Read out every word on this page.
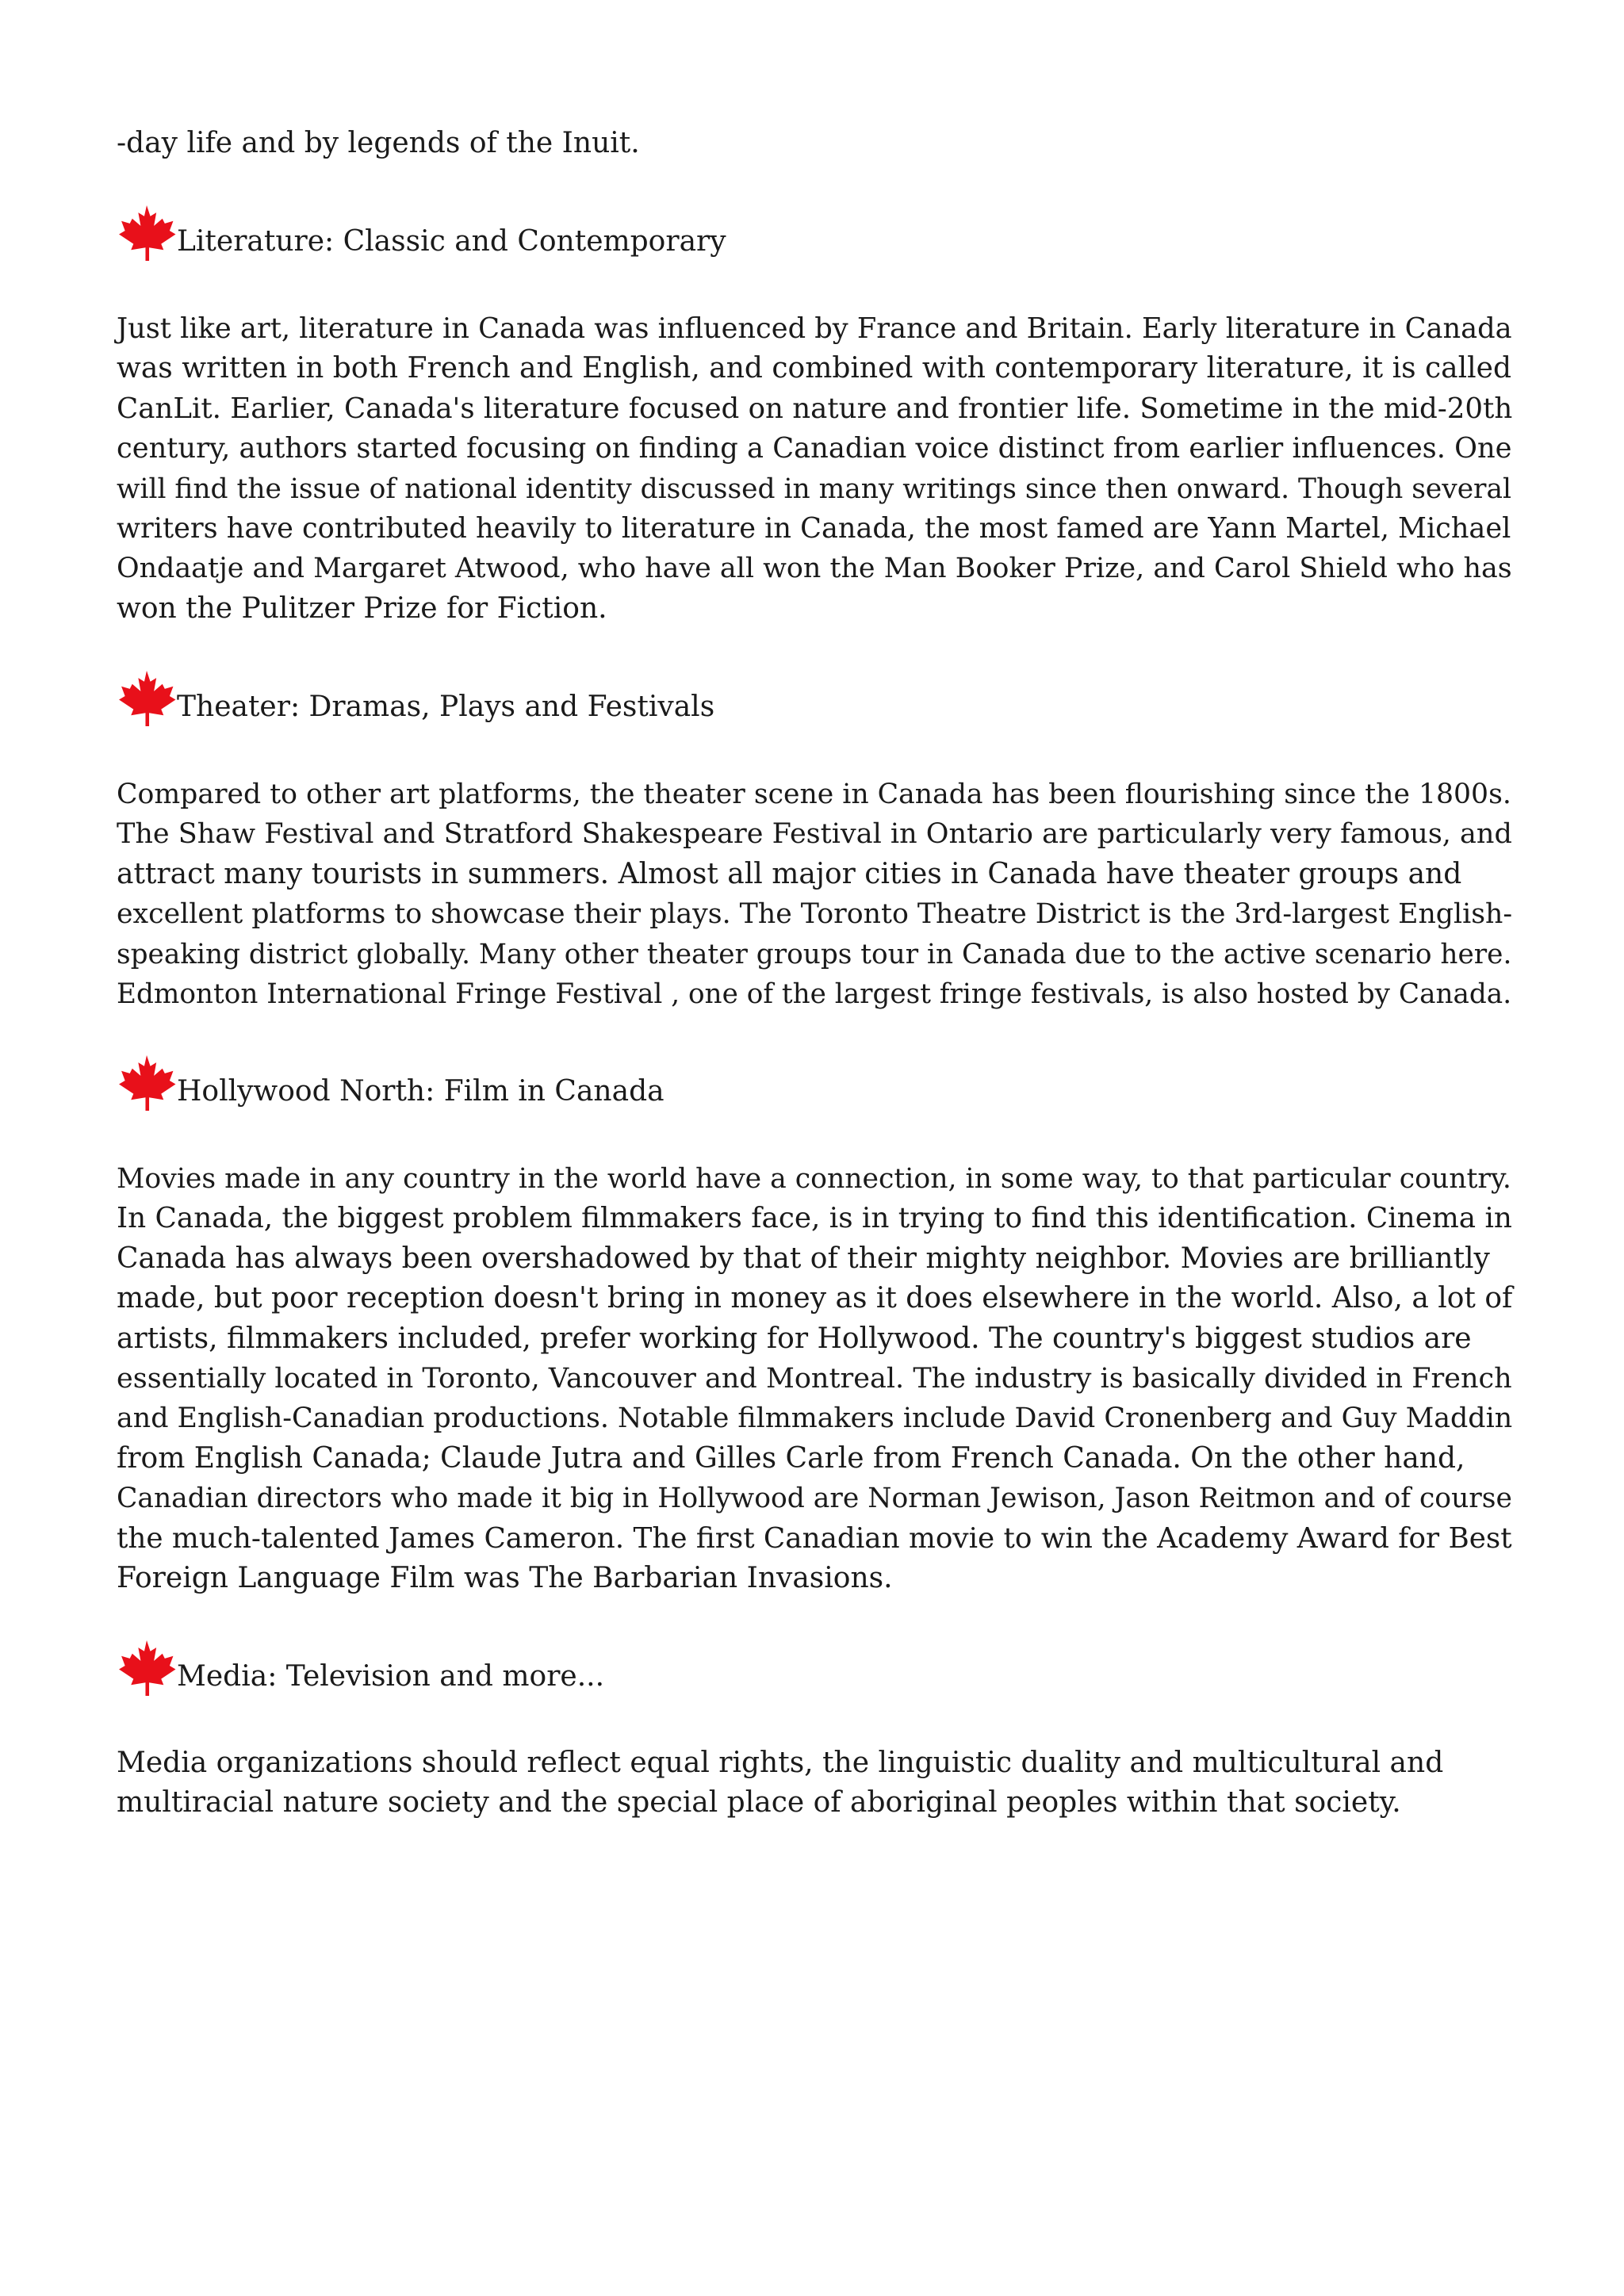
-day life and by legends of the Inuit.

Literature: Classic and Contemporary

Just like art, literature in Canada was influenced by France and Britain. Early literature in Canada
was written in both French and English, and combined with contemporary literature, it is called
CanLit. Earlier, Canada's literature focused on nature and frontier life. Sometime in the mid-20th
century, authors started focusing on finding a Canadian voice distinct from earlier influences. One
will find the issue of national identity discussed in many writings since then onward. Though several
writers have contributed heavily to literature in Canada, the most famed are Yann Martel, Michael
Ondaatje and Margaret Atwood, who have all won the Man Booker Prize, and Carol Shield who has
won the Pulitzer Prize for Fiction.

Theater: Dramas, Plays and Festivals

Compared to other art platforms, the theater scene in Canada has been flourishing since the 1800s.
The Shaw Festival and Stratford Shakespeare Festival in Ontario are particularly very famous, and
attract many tourists in summers. Almost all major cities in Canada have theater groups and
excellent platforms to showcase their plays. The Toronto Theatre District is the 3rd-largest English-
speaking district globally. Many other theater groups tour in Canada due to the active scenario here.
Edmonton International Fringe Festival , one of the largest fringe festivals, is also hosted by Canada.

Hollywood North: Film in Canada

Movies made in any country in the world have a connection, in some way, to that particular country.
In Canada, the biggest problem filmmakers face, is in trying to find this identification. Cinema in
Canada has always been overshadowed by that of their mighty neighbor. Movies are brilliantly
made, but poor reception doesn't bring in money as it does elsewhere in the world. Also, a lot of
artists, filmmakers included, prefer working for Hollywood. The country's biggest studios are
essentially located in Toronto, Vancouver and Montreal. The industry is basically divided in French
and English-Canadian productions. Notable filmmakers include David Cronenberg and Guy Maddin
from English Canada; Claude Jutra and Gilles Carle from French Canada. On the other hand,
Canadian directors who made it big in Hollywood are Norman Jewison, Jason Reitmon and of course
the much-talented James Cameron. The first Canadian movie to win the Academy Award for Best
Foreign Language Film was The Barbarian Invasions.

Media: Television and more...

Media organizations should reflect equal rights, the linguistic duality and multicultural and
multiracial nature society and the special place of aboriginal peoples within that society.
